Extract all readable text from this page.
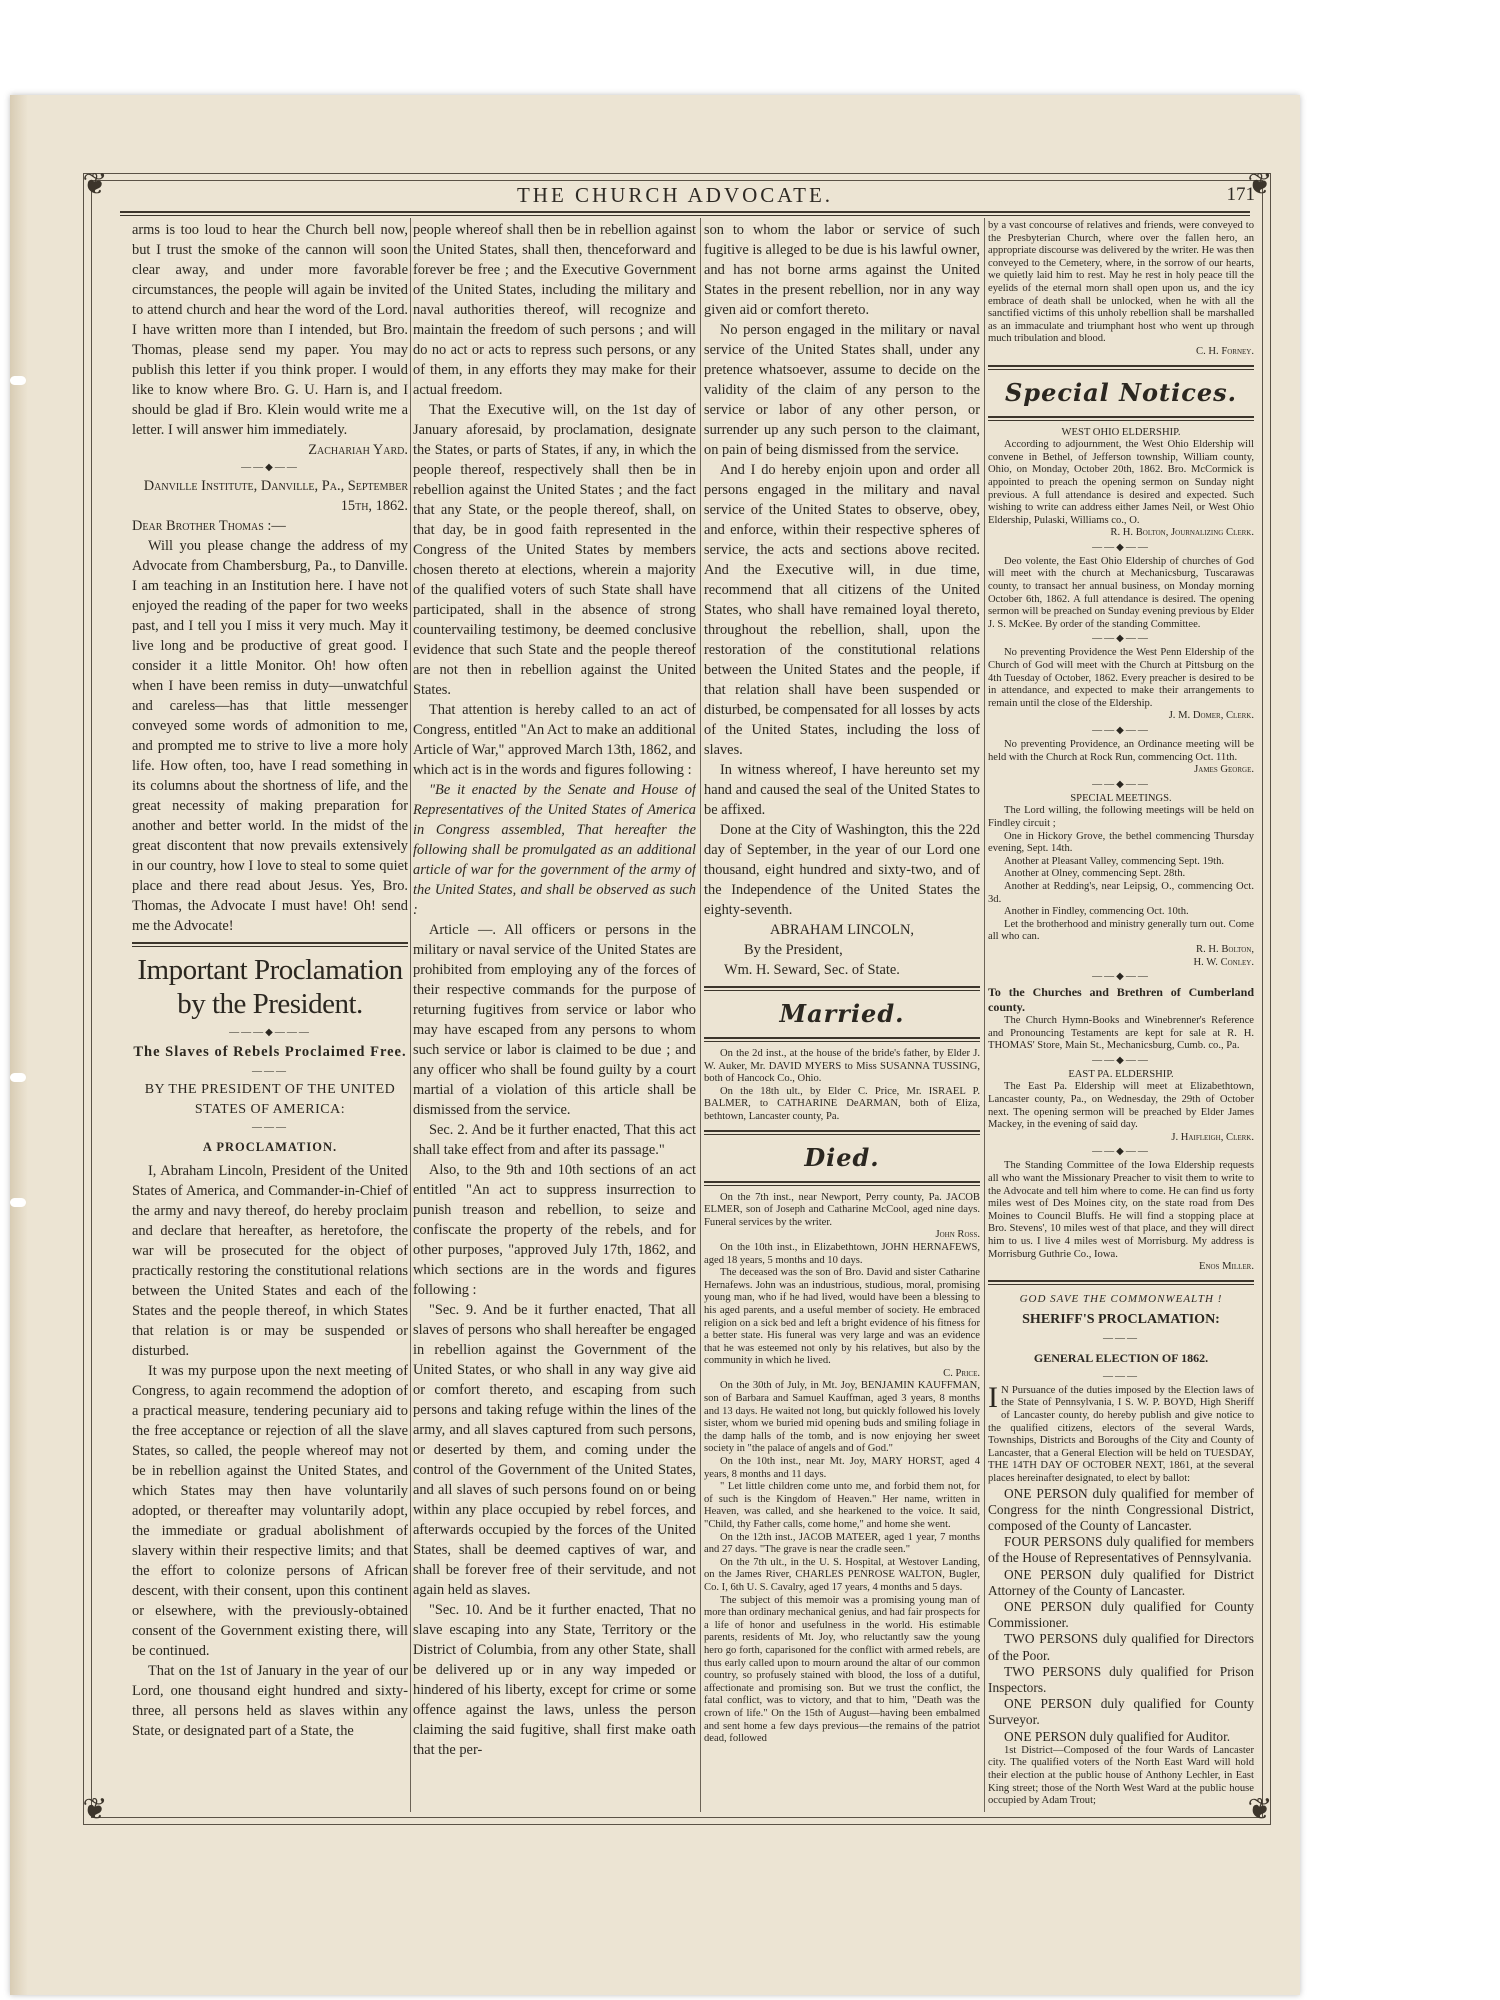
❦	❦
❦	❦
THE CHURCH ADVOCATE.	171

arms is too loud to hear the Church bell now, but I trust the smoke of the cannon will soon clear away, and under more favorable circumstances, the people will again be invited to attend church and hear the word of the Lord. I have written more than I intended, but Bro. Thomas, please send my paper. You may publish this letter if you think proper. I would like to know where Bro. G. U. Harn is, and I should be glad if Bro. Klein would write me a letter. I will answer him immediately.

Zachariah Yard.

——◆——

Danville Institute, Danville, Pa., September 15th, 1862.

Dear Brother Thomas :—

Will you please change the address of my Advocate from Chambersburg, Pa., to Danville. I am teaching in an Institution here. I have not enjoyed the reading of the paper for two weeks past, and I tell you I miss it very much. May it live long and be productive of great good. I consider it a little Monitor. Oh! how often when I have been remiss in duty—unwatchful and careless—has that little messenger conveyed some words of admonition to me, and prompted me to strive to live a more holy life. How often, too, have I read something in its columns about the shortness of life, and the great necessity of making preparation for another and better world. In the midst of the great discontent that now prevails extensively in our country, how I love to steal to some quiet place and there read about Jesus. Yes, Bro. Thomas, the Advocate I must have! Oh! send me the Advocate!

Important Proclamation by the President.
———◆———
The Slaves of Rebels Proclaimed Free.
———
BY THE PRESIDENT OF THE UNITED STATES OF AMERICA:
———
A PROCLAMATION.

I, Abraham Lincoln, President of the United States of America, and Commander-in-Chief of the army and navy thereof, do hereby proclaim and declare that hereafter, as heretofore, the war will be prosecuted for the object of practically restoring the constitutional relations between the United States and each of the States and the people thereof, in which States that relation is or may be suspended or disturbed.

It was my purpose upon the next meeting of Congress, to again recommend the adoption of a practical measure, tendering pecuniary aid to the free acceptance or rejection of all the slave States, so called, the people whereof may not be in rebellion against the United States, and which States may then have voluntarily adopted, or thereafter may voluntarily adopt, the immediate or gradual abolishment of slavery within their respective limits; and that the effort to colonize persons of African descent, with their consent, upon this continent or elsewhere, with the previously-obtained consent of the Government existing there, will be continued.

That on the 1st of January in the year of our Lord, one thousand eight hundred and sixty-three, all persons held as slaves within any State, or designated part of a State, the

people whereof shall then be in rebellion against the United States, shall then, thenceforward and forever be free ; and the Executive Government of the United States, including the military and naval authorities thereof, will recognize and maintain the freedom of such persons ; and will do no act or acts to repress such persons, or any of them, in any efforts they may make for their actual freedom.

That the Executive will, on the 1st day of January aforesaid, by proclamation, designate the States, or parts of States, if any, in which the people thereof, respectively shall then be in rebellion against the United States ; and the fact that any State, or the people thereof, shall, on that day, be in good faith represented in the Congress of the United States by members chosen thereto at elections, wherein a majority of the qualified voters of such State shall have participated, shall in the absence of strong countervailing testimony, be deemed conclusive evidence that such State and the people thereof are not then in rebellion against the United States.

That attention is hereby called to an act of Congress, entitled "An Act to make an additional Article of War," approved March 13th, 1862, and which act is in the words and figures following :

"Be it enacted by the Senate and House of Representatives of the United States of America in Congress assembled, That hereafter the following shall be promulgated as an additional article of war for the government of the army of the United States, and shall be observed as such :

Article —. All officers or persons in the military or naval service of the United States are prohibited from employing any of the forces of their respective commands for the purpose of returning fugitives from service or labor who may have escaped from any persons to whom such service or labor is claimed to be due ; and any officer who shall be found guilty by a court martial of a violation of this article shall be dismissed from the service.

Sec. 2. And be it further enacted, That this act shall take effect from and after its passage."

Also, to the 9th and 10th sections of an act entitled "An act to suppress insurrection to punish treason and rebellion, to seize and confiscate the property of the rebels, and for other purposes, "approved July 17th, 1862, and which sections are in the words and figures following :

"Sec. 9. And be it further enacted, That all slaves of persons who shall hereafter be engaged in rebellion against the Government of the United States, or who shall in any way give aid or comfort thereto, and escaping from such persons and taking refuge within the lines of the army, and all slaves captured from such persons, or deserted by them, and coming under the control of the Government of the United States, and all slaves of such persons found on or being within any place occupied by rebel forces, and afterwards occupied by the forces of the United States, shall be deemed captives of war, and shall be forever free of their servitude, and not again held as slaves.

"Sec. 10. And be it further enacted, That no slave escaping into any State, Territory or the District of Columbia, from any other State, shall be delivered up or in any way impeded or hindered of his liberty, except for crime or some offence against the laws, unless the person claiming the said fugitive, shall first make oath that the per-

son to whom the labor or service of such fugitive is alleged to be due is his lawful owner, and has not borne arms against the United States in the present rebellion, nor in any way given aid or comfort thereto.

No person engaged in the military or naval service of the United States shall, under any pretence whatsoever, assume to decide on the validity of the claim of any person to the service or labor of any other person, or surrender up any such person to the claimant, on pain of being dismissed from the service.

And I do hereby enjoin upon and order all persons engaged in the military and naval service of the United States to observe, obey, and enforce, within their respective spheres of service, the acts and sections above recited. And the Executive will, in due time, recommend that all citizens of the United States, who shall have remained loyal thereto, throughout the rebellion, shall, upon the restoration of the constitutional relations between the United States and the people, if that relation shall have been suspended or disturbed, be compensated for all losses by acts of the United States, including the loss of slaves.

In witness whereof, I have hereunto set my hand and caused the seal of the United States to be affixed.

Done at the City of Washington, this the 22d day of September, in the year of our Lord one thousand, eight hundred and sixty-two, and of the Independence of the United States the eighty-seventh.

ABRAHAM LINCOLN,

By the President,

Wm. H. Seward, Sec. of State.

Married.

On the 2d inst., at the house of the bride's father, by Elder J. W. Auker, Mr. DAVID MYERS to Miss SUSANNA TUSSING, both of Hancock Co., Ohio.

On the 18th ult., by Elder C. Price, Mr. ISRAEL P. BALMER, to CATHARINE DeARMAN, both of Eliza, bethtown, Lancaster county, Pa.

Died.

On the 7th inst., near Newport, Perry county, Pa. JACOB ELMER, son of Joseph and Catharine McCool, aged nine days. Funeral services by the writer.

John Ross.

On the 10th inst., in Elizabethtown, JOHN HERNAFEWS, aged 18 years, 5 months and 10 days.

The deceased was the son of Bro. David and sister Catharine Hernafews. John was an industrious, studious, moral, promising young man, who if he had lived, would have been a blessing to his aged parents, and a useful member of society. He embraced religion on a sick bed and left a bright evidence of his fitness for a better state. His funeral was very large and was an evidence that he was esteemed not only by his relatives, but also by the community in which he lived.

C. Price.

On the 30th of July, in Mt. Joy, BENJAMIN KAUFFMAN, son of Barbara and Samuel Kauffman, aged 3 years, 8 months and 13 days. He waited not long, but quickly followed his lovely sister, whom we buried mid opening buds and smiling foliage in the damp halls of the tomb, and is now enjoying her sweet society in "the palace of angels and of God."

On the 10th inst., near Mt. Joy, MARY HORST, aged 4 years, 8 months and 11 days.

" Let little children come unto me, and forbid them not, for of such is the Kingdom of Heaven." Her name, written in Heaven, was called, and she hearkened to the voice. It said, "Child, thy Father calls, come home," and home she went.

On the 12th inst., JACOB MATEER, aged 1 year, 7 months and 27 days. "The grave is near the cradle seen."

On the 7th ult., in the U. S. Hospital, at Westover Landing, on the James River, CHARLES PENROSE WALTON, Bugler, Co. I, 6th U. S. Cavalry, aged 17 years, 4 months and 5 days.

The subject of this memoir was a promising young man of more than ordinary mechanical genius, and had fair prospects for a life of honor and usefulness in the world. His estimable parents, residents of Mt. Joy, who reluctantly saw the young hero go forth, caparisoned for the conflict with armed rebels, are thus early called upon to mourn around the altar of our common country, so profusely stained with blood, the loss of a dutiful, affectionate and promising son. But we trust the conflict, the fatal conflict, was to victory, and that to him, "Death was the crown of life." On the 15th of August—having been embalmed and sent home a few days previous—the remains of the patriot dead, followed

by a vast concourse of relatives and friends, were conveyed to the Presbyterian Church, where over the fallen hero, an appropriate discourse was delivered by the writer. He was then conveyed to the Cemetery, where, in the sorrow of our hearts, we quietly laid him to rest. May he rest in holy peace till the eyelids of the eternal morn shall open upon us, and the icy embrace of death shall be unlocked, when he with all the sanctified victims of this unholy rebellion shall be marshalled as an immaculate and triumphant host who went up through much tribulation and blood.

C. H. Forney.

Special Notices.

WEST OHIO ELDERSHIP.

According to adjournment, the West Ohio Eldership will convene in Bethel, of Jefferson township, William county, Ohio, on Monday, October 20th, 1862. Bro. McCormick is appointed to preach the opening sermon on Sunday night previous. A full attendance is desired and expected. Such wishing to write can address either James Neil, or West Ohio Eldership, Pulaski, Williams co., O.

R. H. Bolton, Journalizing Clerk.

——◆——

Deo volente, the East Ohio Eldership of churches of God will meet with the church at Mechanicsburg, Tuscarawas county, to transact her annual business, on Monday morning October 6th, 1862. A full attendance is desired. The opening sermon will be preached on Sunday evening previous by Elder J. S. McKee. By order of the standing Committee.

——◆——

No preventing Providence the West Penn Eldership of the Church of God will meet with the Church at Pittsburg on the 4th Tuesday of October, 1862. Every preacher is desired to be in attendance, and expected to make their arrangements to remain until the close of the Eldership.

J. M. Domer, Clerk.

——◆——

No preventing Providence, an Ordinance meeting will be held with the Church at Rock Run, commencing Oct. 11th.

James George.

——◆——

SPECIAL MEETINGS.

The Lord willing, the following meetings will be held on Findley circuit ;

One in Hickory Grove, the bethel commencing Thursday evening, Sept. 14th.

Another at Pleasant Valley, commencing Sept. 19th.

Another at Olney, commencing Sept. 28th.

Another at Redding's, near Leipsig, O., commencing Oct. 3d.

Another in Findley, commencing Oct. 10th.

Let the brotherhood and ministry generally turn out. Come all who can.

R. H. Bolton,

H. W. Conley.

——◆——

To the Churches and Brethren of Cumberland county.

The Church Hymn-Books and Winebrenner's Reference and Pronouncing Testaments are kept for sale at R. H. THOMAS' Store, Main St., Mechanicsburg, Cumb. co., Pa.

——◆——

EAST PA. ELDERSHIP.

The East Pa. Eldership will meet at Elizabethtown, Lancaster county, Pa., on Wednesday, the 29th of October next. The opening sermon will be preached by Elder James Mackey, in the evening of said day.

J. Haifleigh, Clerk.

——◆——

The Standing Committee of the Iowa Eldership requests all who want the Missionary Preacher to visit them to write to the Advocate and tell him where to come. He can find us forty miles west of Des Moines city, on the state road from Des Moines to Council Bluffs. He will find a stopping place at Bro. Stevens', 10 miles west of that place, and they will direct him to us. I live 4 miles west of Morrisburg. My address is Morrisburg Guthrie Co., Iowa.

Enos Miller.

GOD SAVE THE COMMONWEALTH !
SHERIFF'S PROCLAMATION:
———
GENERAL ELECTION OF 1862.
———

I N Pursuance of the duties imposed by the Election laws of the State of Pennsylvania, I S. W. P. BOYD, High Sheriff of Lancaster county, do hereby publish and give notice to the qualified citizens, electors of the several Wards, Townships, Districts and Boroughs of the City and County of Lancaster, that a General Election will be held on TUESDAY, THE 14TH DAY OF OCTOBER NEXT, 1861, at the several places hereinafter designated, to elect by ballot:

ONE PERSON duly qualified for member of Congress for the ninth Congressional District, composed of the County of Lancaster.

FOUR PERSONS duly qualified for members of the House of Representatives of Pennsylvania.

ONE PERSON duly qualified for District Attorney of the County of Lancaster.

ONE PERSON duly qualified for County Commissioner.

TWO PERSONS duly qualified for Directors of the Poor.

TWO PERSONS duly qualified for Prison Inspectors.

ONE PERSON duly qualified for County Surveyor.

ONE PERSON duly qualified for Auditor.

1st District—Composed of the four Wards of Lancaster city. The qualified voters of the North East Ward will hold their election at the public house of Anthony Lechler, in East King street; those of the North West Ward at the public house occupied by Adam Trout;
